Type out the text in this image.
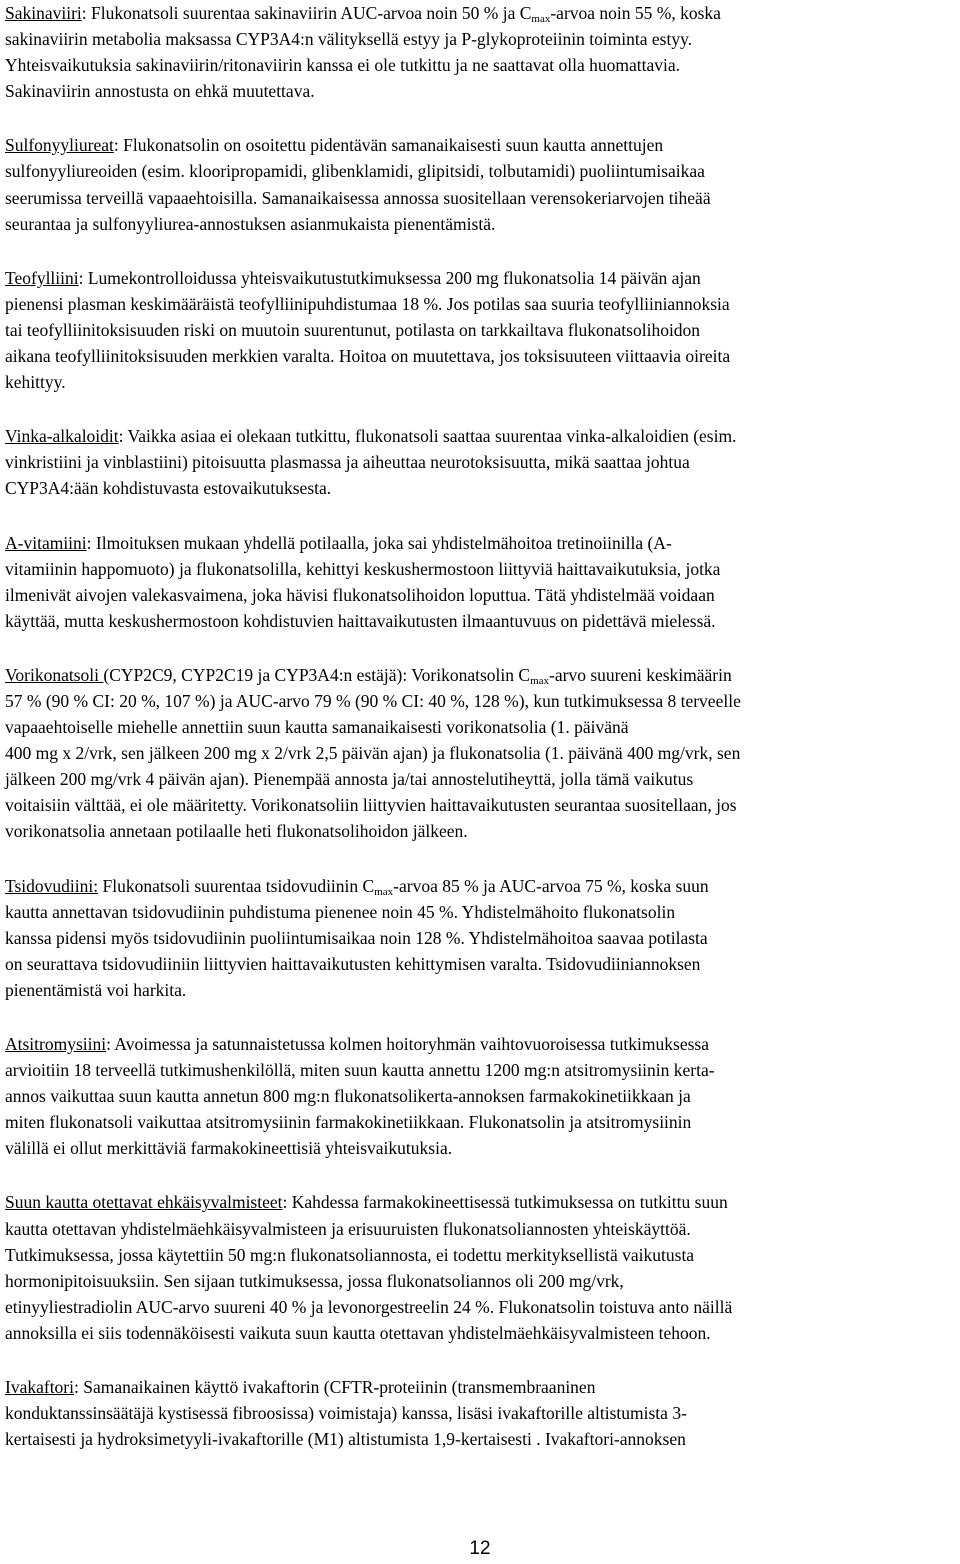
Sakinaviiri: Flukonatsoli suurentaa sakinaviirin AUC-arvoa noin 50 % ja $C_{max}$-arvoa noin 55 %, koska
sakinaviirin metabolia maksassa CYP3A4:n välityksellä estyy ja P-glykoproteiinin toiminta estyy.
Yhteisvaikutuksia sakinaviirin/ritonaviirin kanssa ei ole tutkittu ja ne saattavat olla huomattavia.
Sakinaviirin annostusta on ehkä muutettava.
Sulfonyyliureat: Flukonatsolin on osoitettu pidentävän samanaikaisesti suun kautta annettujen
sulfonyyliureoiden (esim. klooripropamidi, glibenklamidi, glipitsidi, tolbutamidi) puoliintumisaikaa
seerumissa terveillä vapaaehtoisilla. Samanaikaisessa annossa suositellaan verensokeriarvojen tiheää
seurantaa ja sulfonyyliurea-annostuksen asianmukaista pienentämistä.
Teofylliini: Lumekontrolloidussa yhteisvaikutustutkimuksessa 200 mg flukonatsolia 14 päivän ajan
pienensi plasman keskimääräistä teofylliinipuhdistumaa 18 %. Jos potilas saa suuria teofylliiniannoksia
tai teofylliinitoksisuuden riski on muutoin suurentunut, potilasta on tarkkailtava flukonatsolihoidon
aikana teofylliinitoksisuuden merkkien varalta. Hoitoa on muutettava, jos toksisuuteen viittaavia oireita
kehittyy.
Vinka-alkaloidit: Vaikka asiaa ei olekaan tutkittu, flukonatsoli saattaa suurentaa vinka-alkaloidien (esim.
vinkristiini ja vinblastiini) pitoisuutta plasmassa ja aiheuttaa neurotoksisuutta, mikä saattaa johtua
CYP3A4:ään kohdistuvasta estovaikutuksesta.
A-vitamiini: Ilmoituksen mukaan yhdellä potilaalla, joka sai yhdistelmähoitoa tretinoiinilla (A-
vitamiinin happomuoto) ja flukonatsolilla, kehittyi keskushermostoon liittyviä haittavaikutuksia, jotka
ilmenivät aivojen valekasvaimena, joka hävisi flukonatsolihoidon loputtua. Tätä yhdistelmää voidaan
käyttää, mutta keskushermostoon kohdistuvien haittavaikutusten ilmaantuvuus on pidettävä mielessä.
Vorikonatsoli (CYP2C9, CYP2C19 ja CYP3A4:n estäjä): Vorikonatsolin $C_{max}$-arvo suureni keskimäärin
57 % (90 % CI: 20 %, 107 %) ja AUC-arvo 79 % (90 % CI: 40 %, 128 %), kun tutkimuksessa 8 terveelle
vapaaehtoiselle miehelle annettiin suun kautta samanaikaisesti vorikonatsolia (1. päivänä
400 mg x 2/vrk, sen jälkeen 200 mg x 2/vrk 2,5 päivän ajan) ja flukonatsolia (1. päivänä 400 mg/vrk, sen
jälkeen 200 mg/vrk 4 päivän ajan). Pienempää annosta ja/tai annostelutiheyttä, jolla tämä vaikutus
voitaisiin välttää, ei ole määritetty. Vorikonatsoliin liittyvien haittavaikutusten seurantaa suositellaan, jos
vorikonatsolia annetaan potilaalle heti flukonatsolihoidon jälkeen.
Tsidovudiini: Flukonatsoli suurentaa tsidovudiinin $C_{max}$-arvoa 85 % ja AUC-arvoa 75 %, koska suun
kautta annettavan tsidovudiinin puhdistuma pienenee noin 45 %. Yhdistelmähoito flukonatsolin
kanssa pidensi myös tsidovudiinin puoliintumisaikaa noin 128 %. Yhdistelmähoitoa saavaa potilasta
on seurattava tsidovudiiniin liittyvien haittavaikutusten kehittymisen varalta. Tsidovudiiniannoksen
pienentämistä voi harkita.
Atsitromysiini: Avoimessa ja satunnaistetussa kolmen hoitoryhmän vaihtovuoroisessa tutkimuksessa
arvioitiin 18 terveellä tutkimushenkilöllä, miten suun kautta annettu 1200 mg:n atsitromysiinin kerta-
annos vaikuttaa suun kautta annetun 800 mg:n flukonatsolikerta-annoksen farmakokinetiikkaan ja
miten flukonatsoli vaikuttaa atsitromysiinin farmakokinetiikkaan. Flukonatsolin ja atsitromysiinin
välillä ei ollut merkittäviä farmakokineettisiä yhteisvaikutuksia.
Suun kautta otettavat ehkäisyvalmisteet: Kahdessa farmakokineettisessä tutkimuksessa on tutkittu suun
kautta otettavan yhdistelmäehkäisyvalmisteen ja erisuuruisten flukonatsoliannosten yhteiskäyttöä.
Tutkimuksessa, jossa käytettiin 50 mg:n flukonatsoliannosta, ei todettu merkityksellistä vaikutusta
hormonipitoisuuksiin. Sen sijaan tutkimuksessa, jossa flukonatsoliannos oli 200 mg/vrk,
etinyyliestradiolin AUC-arvo suureni 40 % ja levonorgestreelin 24 %. Flukonatsolin toistuva anto näillä
annoksilla ei siis todennäköisesti vaikuta suun kautta otettavan yhdistelmäehkäisyvalmisteen tehoon.
Ivakaftori: Samanaikainen käyttö ivakaftorin (CFTR-proteiinin (transmembraaninen
konduktanssinsäätäjä kystisessä fibroosissa) voimistaja) kanssa, lisäsi ivakaftorille altistumista 3-
kertaisesti ja hydroksimetyyli-ivakaftorille (M1) altistumista 1,9-kertaisesti . Ivakaftori-annoksen
12
